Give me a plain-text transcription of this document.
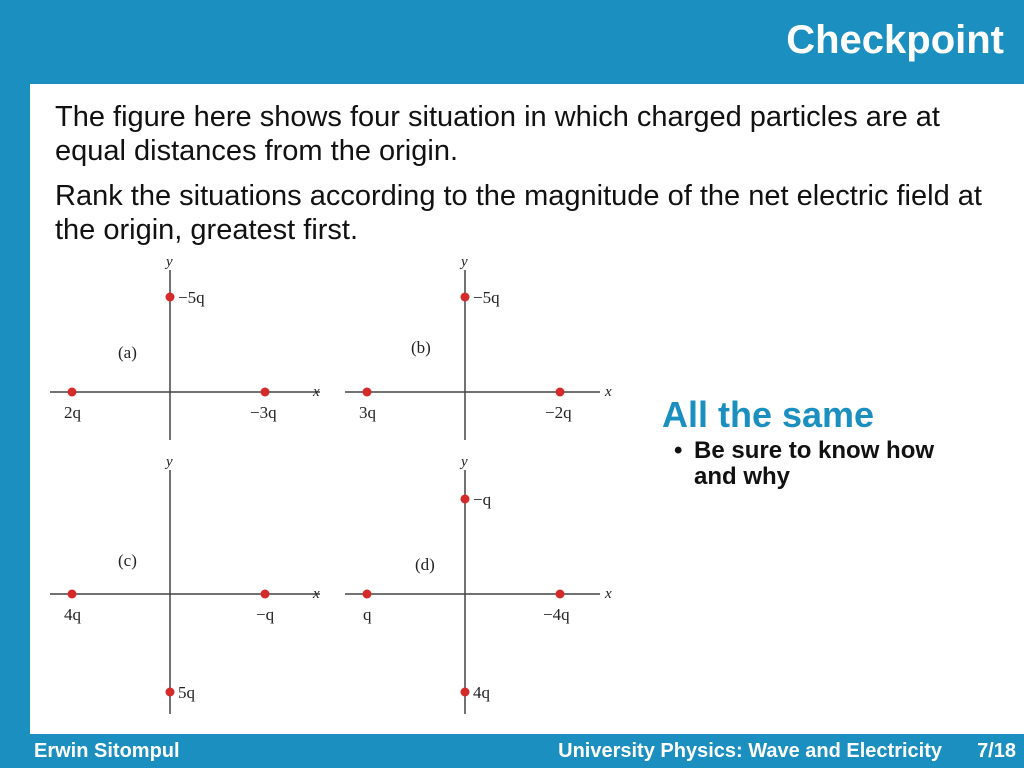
Checkpoint

The figure here shows four situation in which charged particles are at equal distances from the origin.

Rank the situations according to the magnitude of the net electric field at the origin, greatest first.

x
y
(a)
−5q
2q	−3q
x
y
(b)
−5q
3q	−2q
x
y
(c)
4q	−q
5q
x
y
(d)
−q
q	−4q
4q
All the same
• Be sure to know how and why
Erwin Sitompul	University Physics: Wave and Electricity 7/18
